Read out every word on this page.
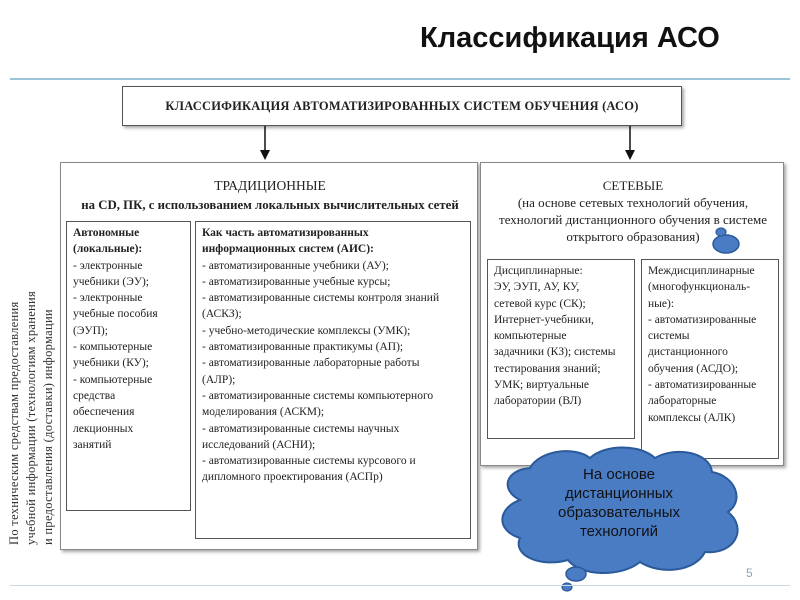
Классификация АСО
КЛАССИФИКАЦИЯ АВТОМАТИЗИРОВАННЫХ СИСТЕМ ОБУЧЕНИЯ (АСО)
По техническим средствам предоставления учебной информации (технологиям хранения и предоставления (доставки) информации
ТРАДИЦИОННЫЕ
на CD, ПК, с использованием локальных вычислительных сетей
Автономные
(локальные):
- электронные
учебники (ЭУ);
- электронные
учебные пособия
(ЭУП);
- компьютерные
учебники (КУ);
- компьютерные
средства
обеспечения
лекционных
занятий
Как часть автоматизированных
информационных систем (АИС):
- автоматизированные учебники (АУ);
- автоматизированные учебные курсы;
- автоматизированные системы контроля знаний
(АСКЗ);
- учебно-методические комплексы (УМК);
- автоматизированные практикумы (АП);
- автоматизированные лабораторные работы
(АЛР);
- автоматизированные системы компьютерного
моделирования (АСКМ);
- автоматизированные системы научных
исследований (АСНИ);
- автоматизированные системы курсового и
дипломного проектирования (АСПр)
СЕТЕВЫЕ
(на основе сетевых технологий обучения,
технологий дистанционного обучения в системе
открытого образования)
Дисциплинарные:
ЭУ, ЭУП, АУ, КУ,
сетевой курс (СК);
Интернет-учебники,
компьютерные
задачники (КЗ); системы
тестирования знаний;
УМК; виртуальные
лаборатории (ВЛ)
Междисциплинарные
(многофункциональ-
ные):
- автоматизированные
системы
дистанционного
обучения (АСДО);
- автоматизированные
лабораторные
комплексы (АЛК)
На основе
дистанционных
образовательных
технологий
5
